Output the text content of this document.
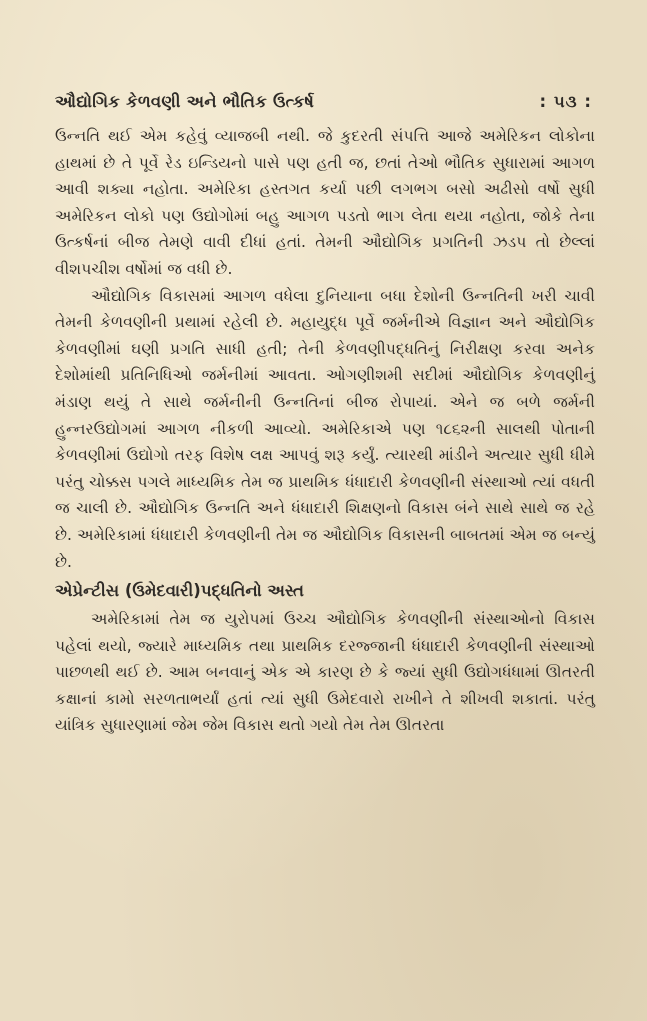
ઔદ્યોગિક કેળવણી અને ભૌતિક ઉત્કર્ષ	: ૫૩ :

ઉન્નતિ થઈ એમ કહેવું વ્યાજબી નથી. જે કુદરતી સંપત્તિ આજે અમેરિકન લોકોના હાથમાં છે તે પૂર્વે રેડ ઇન્ડિયનો પાસે પણ હતી જ, છતાં તેઓ ભૌતિક સુધારામાં આગળ આવી શક્યા નહોતા. અમેરિકા હસ્તગત કર્યા પછી લગભગ બસો અઢીસો વર્ષો સુધી અમેરિકન લોકો પણ ઉદ્યોગોમાં બહુ આગળ પડતો ભાગ લેતા થયા નહોતા, જોકે તેના ઉત્કર્ષનાં બીજ તેમણે વાવી દીધાં હતાં. તેમની ઔદ્યોગિક પ્રગતિની ઝડપ તો છેલ્લાં વીશપચીશ વર્ષોમાં જ વધી છે.

ઔદ્યોગિક વિકાસમાં આગળ વધેલા દુનિયાના બધા દેશોની ઉન્નતિની ખરી ચાવી તેમની કેળવણીની પ્રથામાં રહેલી છે. મહાયુદ્ધ પૂર્વે જર્મનીએ વિજ્ઞાન અને ઔદ્યોગિક કેળવણીમાં ઘણી પ્રગતિ સાધી હતી; તેની કેળવણીપદ્ધતિનું નિરીક્ષણ કરવા અનેક દેશોમાંથી પ્રતિનિધિઓ જર્મનીમાં આવતા. ઓગણીશમી સદીમાં ઔદ્યોગિક કેળવણીનું મંડાણ થયું તે સાથે જર્મનીની ઉન્નતિનાં બીજ રોપાયાં. એને જ બળે જર્મની હુન્નરઉદ્યોગમાં આગળ નીકળી આવ્યો. અમેરિકાએ પણ ૧૮૬૨ની સાલથી પોતાની કેળવણીમાં ઉદ્યોગો તરફ વિશેષ લક્ષ આપવું શરૂ કર્યું. ત્યારથી માંડીને અત્યાર સુધી ધીમે પરંતુ ચોક્કસ પગલે માધ્યમિક તેમ જ પ્રાથમિક ધંધાદારી કેળવણીની સંસ્થાઓ ત્યાં વધતી જ ચાલી છે. ઔદ્યોગિક ઉન્નતિ અને ધંધાદારી શિક્ષણનો વિકાસ બંને સાથે સાથે જ રહે છે. અમેરિકામાં ધંધાદારી કેળવણીની તેમ જ ઔદ્યોગિક વિકાસની બાબતમાં એમ જ બન્યું છે.

એપ્રેન્ટીસ (ઉમેદવારી)પદ્ધતિનો અસ્ત

અમેરિકામાં તેમ જ યુરોપમાં ઉચ્ચ ઔદ્યોગિક કેળવણીની સંસ્થાઓનો વિકાસ પહેલાં થયો, જ્યારે માધ્યમિક તથા પ્રાથમિક દરજ્જાની ધંધાદારી કેળવણીની સંસ્થાઓ પાછળથી થઈ છે. આમ બનવાનું એક એ કારણ છે કે જ્યાં સુધી ઉદ્યોગધંધામાં ઊતરતી કક્ષાનાં કામો સરળતાભર્યાં હતાં ત્યાં સુધી ઉમેદવારો રાખીને તે શીખવી શકાતાં. પરંતુ યાંત્રિક સુધારણામાં જેમ જેમ વિકાસ થતો ગયો તેમ તેમ ઊતરતા
